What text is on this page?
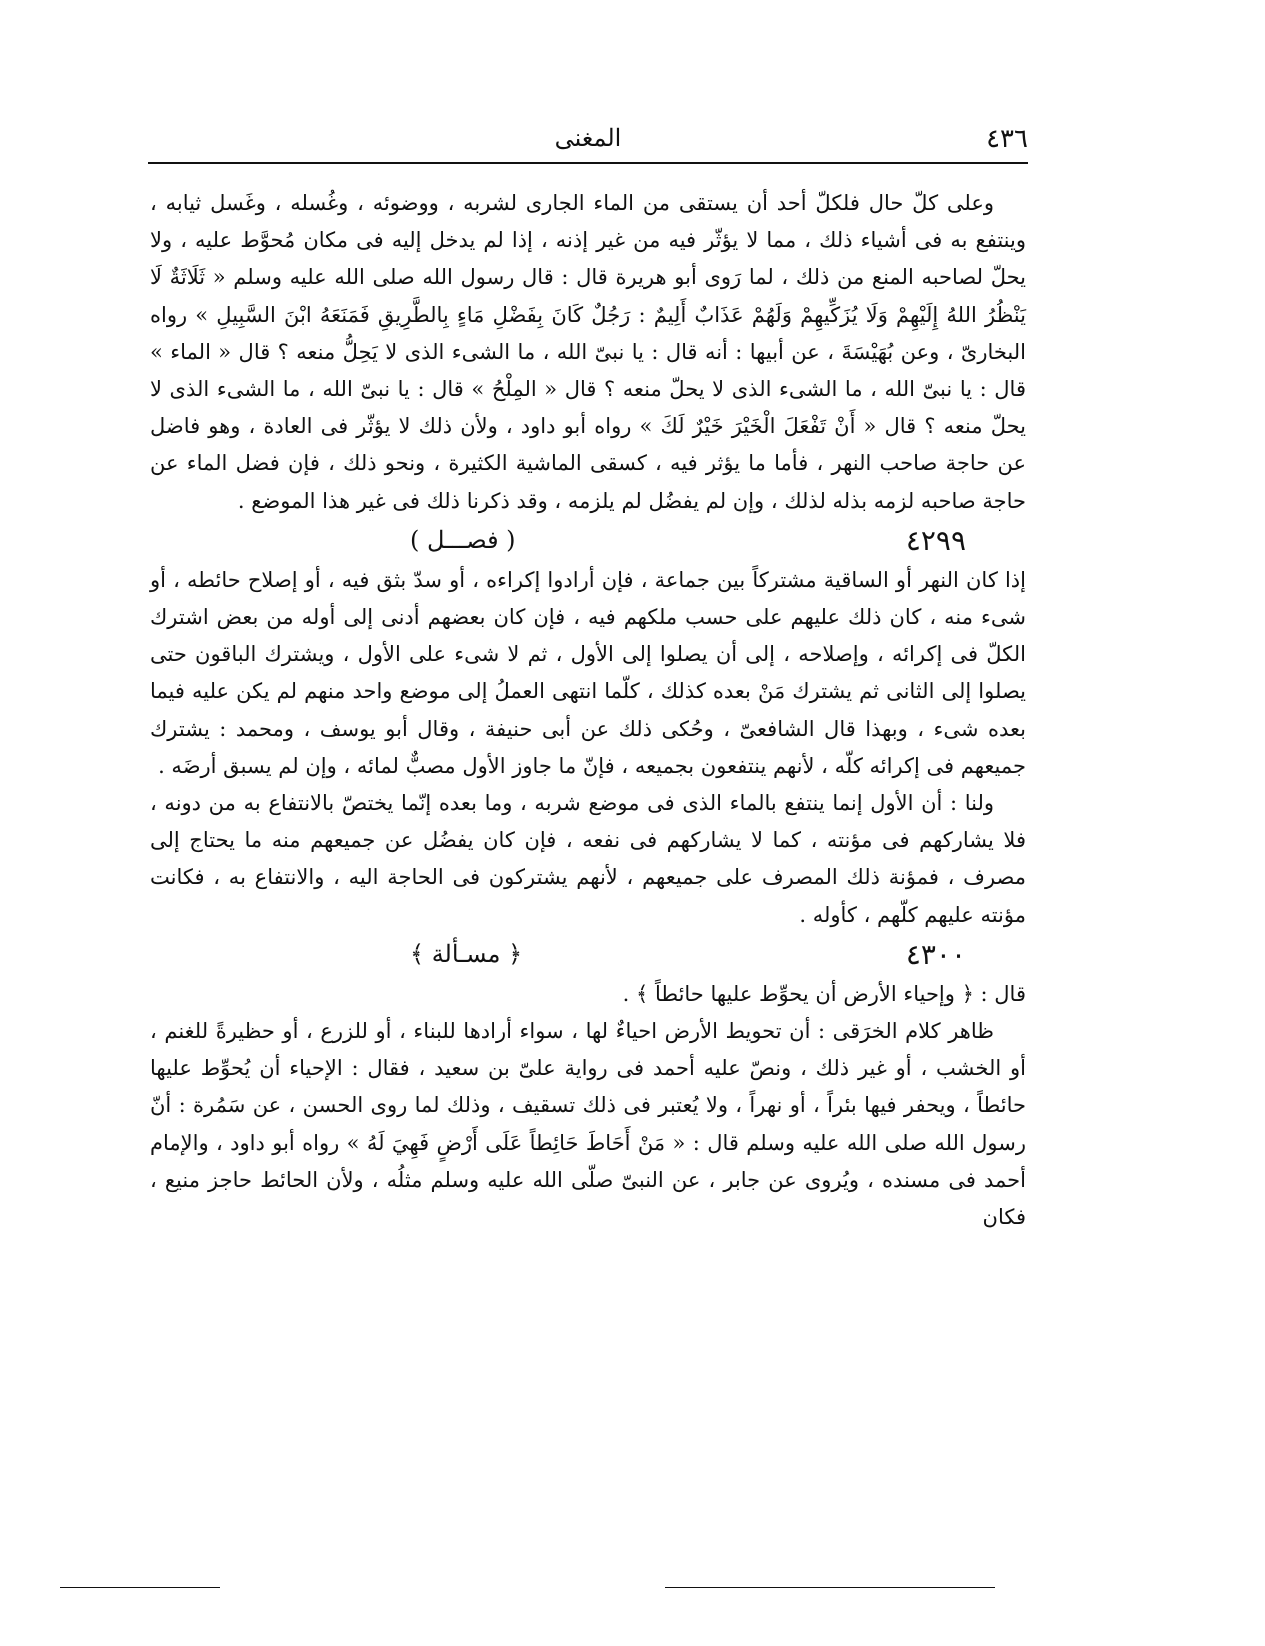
٤٣٦
المغنى

وعلى كلّ حال فلكلّ أحد أن يستقى من الماء الجارى لشربه ، ووضوئه ، وغُسله ، وغَسل ثيابه ، وينتفع به فى أشياء ذلك ، مما لا يؤثّر فيه من غير إذنه ، إذا لم يدخل إليه فى مكان مُحوَّط عليه ، ولا يحلّ لصاحبه المنع من ذلك ، لما رَوى أبو هريرة قال : قال رسول الله صلى الله عليه وسلم « ثَلَاثَةٌ لَا يَنْظُرُ اللهُ إِلَيْهِمْ وَلَا يُزَكِّيهِمْ وَلَهُمْ عَذَابٌ أَلِيمٌ : رَجُلٌ كَانَ بِفَضْلِ مَاءٍ بِالطَّرِيقِ فَمَنَعَهُ ابْنَ السَّبِيلِ » رواه البخارىّ ، وعن بُهَيْسَةَ ، عن أبيها : أنه قال : يا نبىّ الله ، ما الشىء الذى لا يَحِلُّ منعه ؟ قال « الماء » قال : يا نبىّ الله ، ما الشىء الذى لا يحلّ منعه ؟ قال « المِلْحُ » قال : يا نبىّ الله ، ما الشىء الذى لا يحلّ منعه ؟ قال « أَنْ تَفْعَلَ الْخَيْرَ خَيْرٌ لَكَ » رواه أبو داود ، ولأن ذلك لا يؤثّر فى العادة ، وهو فاضل عن حاجة صاحب النهر ، فأما ما يؤثر فيه ، كسقى الماشية الكثيرة ، ونحو ذلك ، فإن فضل الماء عن حاجة صاحبه لزمه بذله لذلك ، وإن لم يفضُل لم يلزمه ، وقد ذكرنا ذلك فى غير هذا الموضع .

٤٢٩٩
( فصـــل )

إذا كان النهر أو الساقية مشتركاً بين جماعة ، فإن أرادوا إكراءه ، أو سدّ بثق فيه ، أو إصلاح حائطه ، أو شىء منه ، كان ذلك عليهم على حسب ملكهم فيه ، فإن كان بعضهم أدنى إلى أوله من بعض اشترك الكلّ فى إكرائه ، وإصلاحه ، إلى أن يصلوا إلى الأول ، ثم لا شىء على الأول ، ويشترك الباقون حتى يصلوا إلى الثانى ثم يشترك مَنْ بعده كذلك ، كلّما انتهى العملُ إلى موضع واحد منهم لم يكن عليه فيما بعده شىء ، وبهذا قال الشافعىّ ، وحُكى ذلك عن أبى حنيفة ، وقال أبو يوسف ، ومحمد : يشترك جميعهم فى إكرائه كلّه ، لأنهم ينتفعون بجميعه ، فإنّ ما جاوز الأول مصبٌّ لمائه ، وإن لم يسبق أرضَه .

ولنا : أن الأول إنما ينتفع بالماء الذى فى موضع شربه ، وما بعده إنّما يختصّ بالانتفاع به من دونه ، فلا يشاركهم فى مؤنته ، كما لا يشاركهم فى نفعه ، فإن كان يفضُل عن جميعهم منه ما يحتاج إلى مصرف ، فمؤنة ذلك المصرف على جميعهم ، لأنهم يشتركون فى الحاجة اليه ، والانتفاع به ، فكانت مؤنته عليهم كلّهم ، كأوله .

٤٣٠٠
﴿ مسـألة ﴾

قال : ﴿ وإحياء الأرض أن يحوِّط عليها حائطاً ﴾ .

ظاهر كلام الخرَقى : أن تحويط الأرض احياءٌ لها ، سواء أرادها للبناء ، أو للزرع ، أو حظيرةً للغنم ، أو الخشب ، أو غير ذلك ، ونصّ عليه أحمد فى رواية علىّ بن سعيد ، فقال : الإحياء أن يُحوِّط عليها حائطاً ، ويحفر فيها بئراً ، أو نهراً ، ولا يُعتبر فى ذلك تسقيف ، وذلك لما روى الحسن ، عن سَمُرة : أنّ رسول الله صلى الله عليه وسلم قال : « مَنْ أَحَاطَ حَائِطاً عَلَى أَرْضٍ فَهِيَ لَهُ » رواه أبو داود ، والإمام أحمد فى مسنده ، ويُروى عن جابر ، عن النبىّ صلّى الله عليه وسلم مثلُه ، ولأن الحائط حاجز منيع ، فكان
